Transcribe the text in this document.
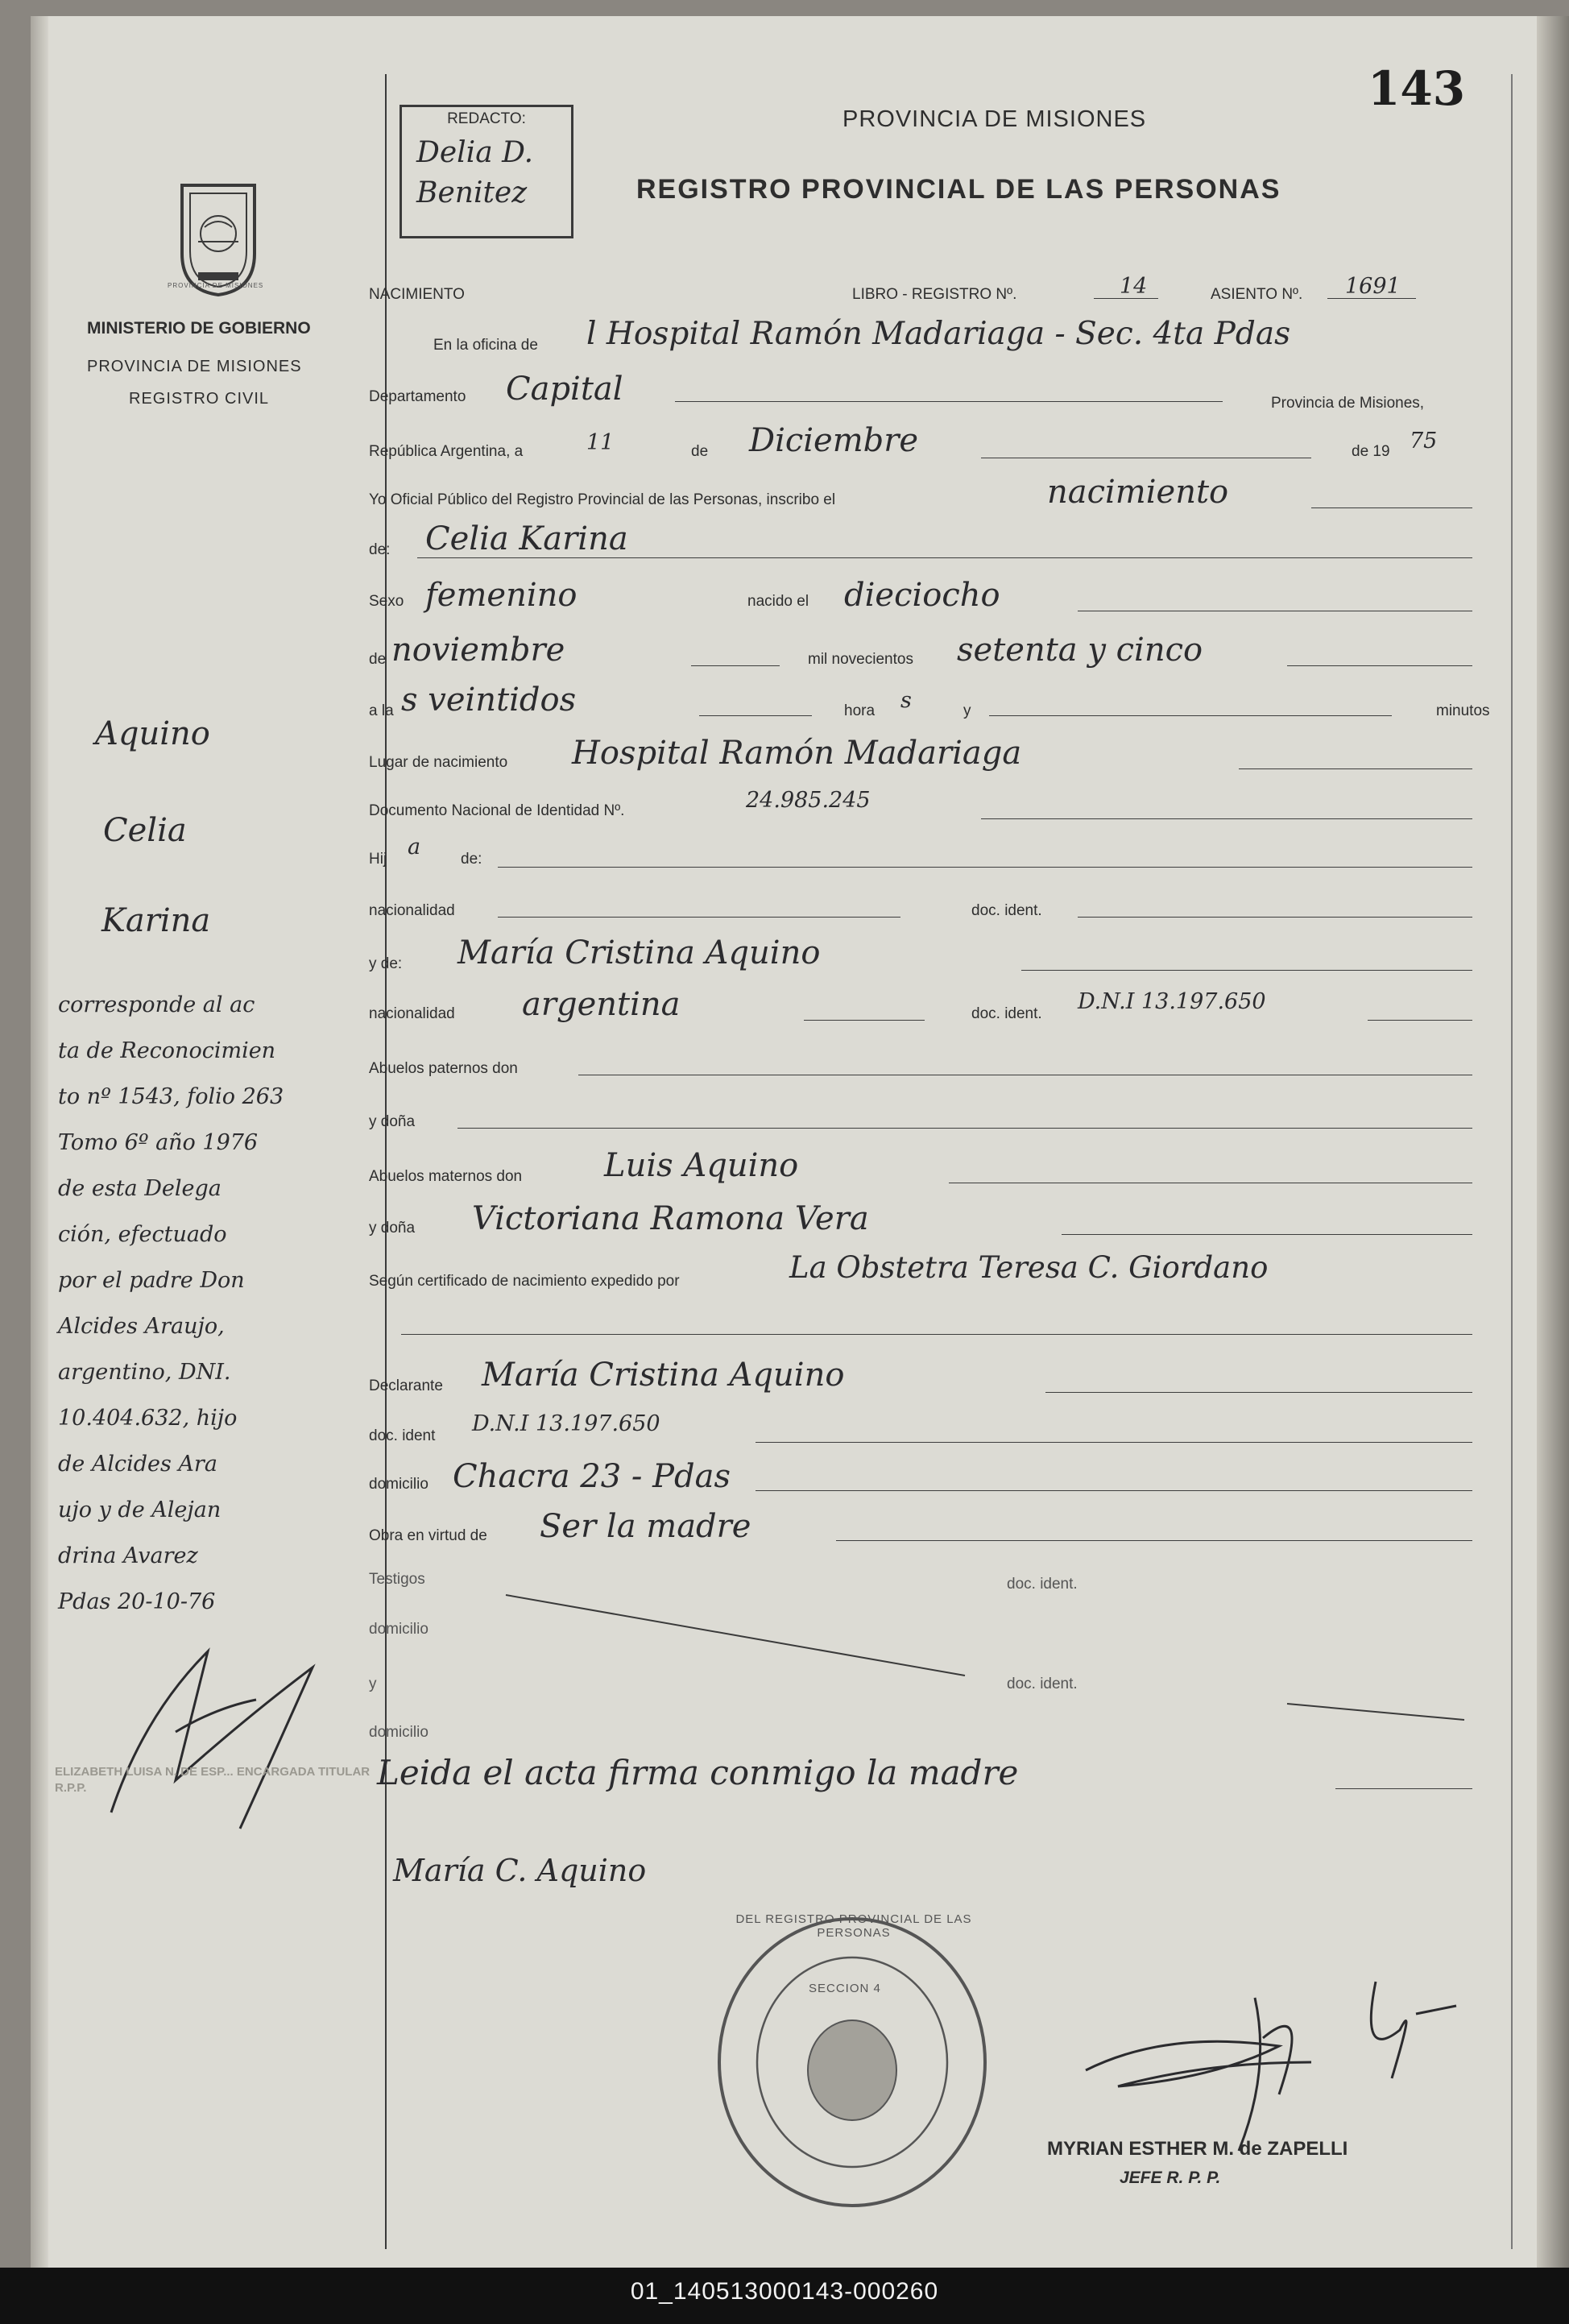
143
PROVINCIA DE MISIONES
REGISTRO PROVINCIAL DE LAS PERSONAS
PROVINCIA DE MISIONES
MINISTERIO DE GOBIERNO
PROVINCIA DE MISIONES
REGISTRO CIVIL
REDACTO:
Delia D.
Benitez
NACIMIENTO	LIBRO - REGISTRO Nº.	14	ASIENTO Nº. 1691
En la oficina de l Hospital Ramón Madariaga - Sec. 4ta Pdas
Departamento Capital	Provincia de Misiones,
República Argentina, a	11	de Diciembre	de 19 75
Yo Oficial Público del Registro Provincial de las Personas, inscribo el	nacimiento
de: Celia Karina
Sexo femenino	nacido el dieciocho
de noviembre	mil novecientos setenta y cinco
a la s veintidos	hora s	y	minutos
Lugar de nacimiento Hospital Ramón Madariaga
Documento Nacional de Identidad Nº.	24.985.245
Hij a	de:
nacionalidad	doc. ident.
y de: María Cristina Aquino
nacionalidad argentina	doc. ident. D.N.I 13.197.650
Abuelos paternos don
y doña
Abuelos maternos don	Luis Aquino
y doña Victoriana Ramona Vera
Según certificado de nacimiento expedido por	La Obstetra Teresa C. Giordano
Declarante María Cristina Aquino
doc. ident D.N.I 13.197.650
domicilio Chacra 23 - Pdas
Obra en virtud de Ser la madre
Testigos	doc. ident.
domicilio
y	doc. ident.
domicilio
Leida el acta firma conmigo la madre
María C. Aquino
Aquino
Celia
Karina
corresponde al ac
ta de Reconocimien
to nº 1543, folio 263
Tomo 6º año 1976
de esta Delega
ción, efectuado
por el padre Don
Alcides Araujo,
argentino, DNI.
10.404.632, hijo
de Alcides Ara
ujo y de Alejan
drina Avarez
Pdas 20-10-76
ELIZABETH LUISA N. DE ESP... ENCARGADA TITULAR R.P.P.
DEL REGISTRO PROVINCIAL DE LAS PERSONAS
SECCION 4
MYRIAN ESTHER M. de ZAPELLI
JEFE R. P. P.
01_140513000143-000260
